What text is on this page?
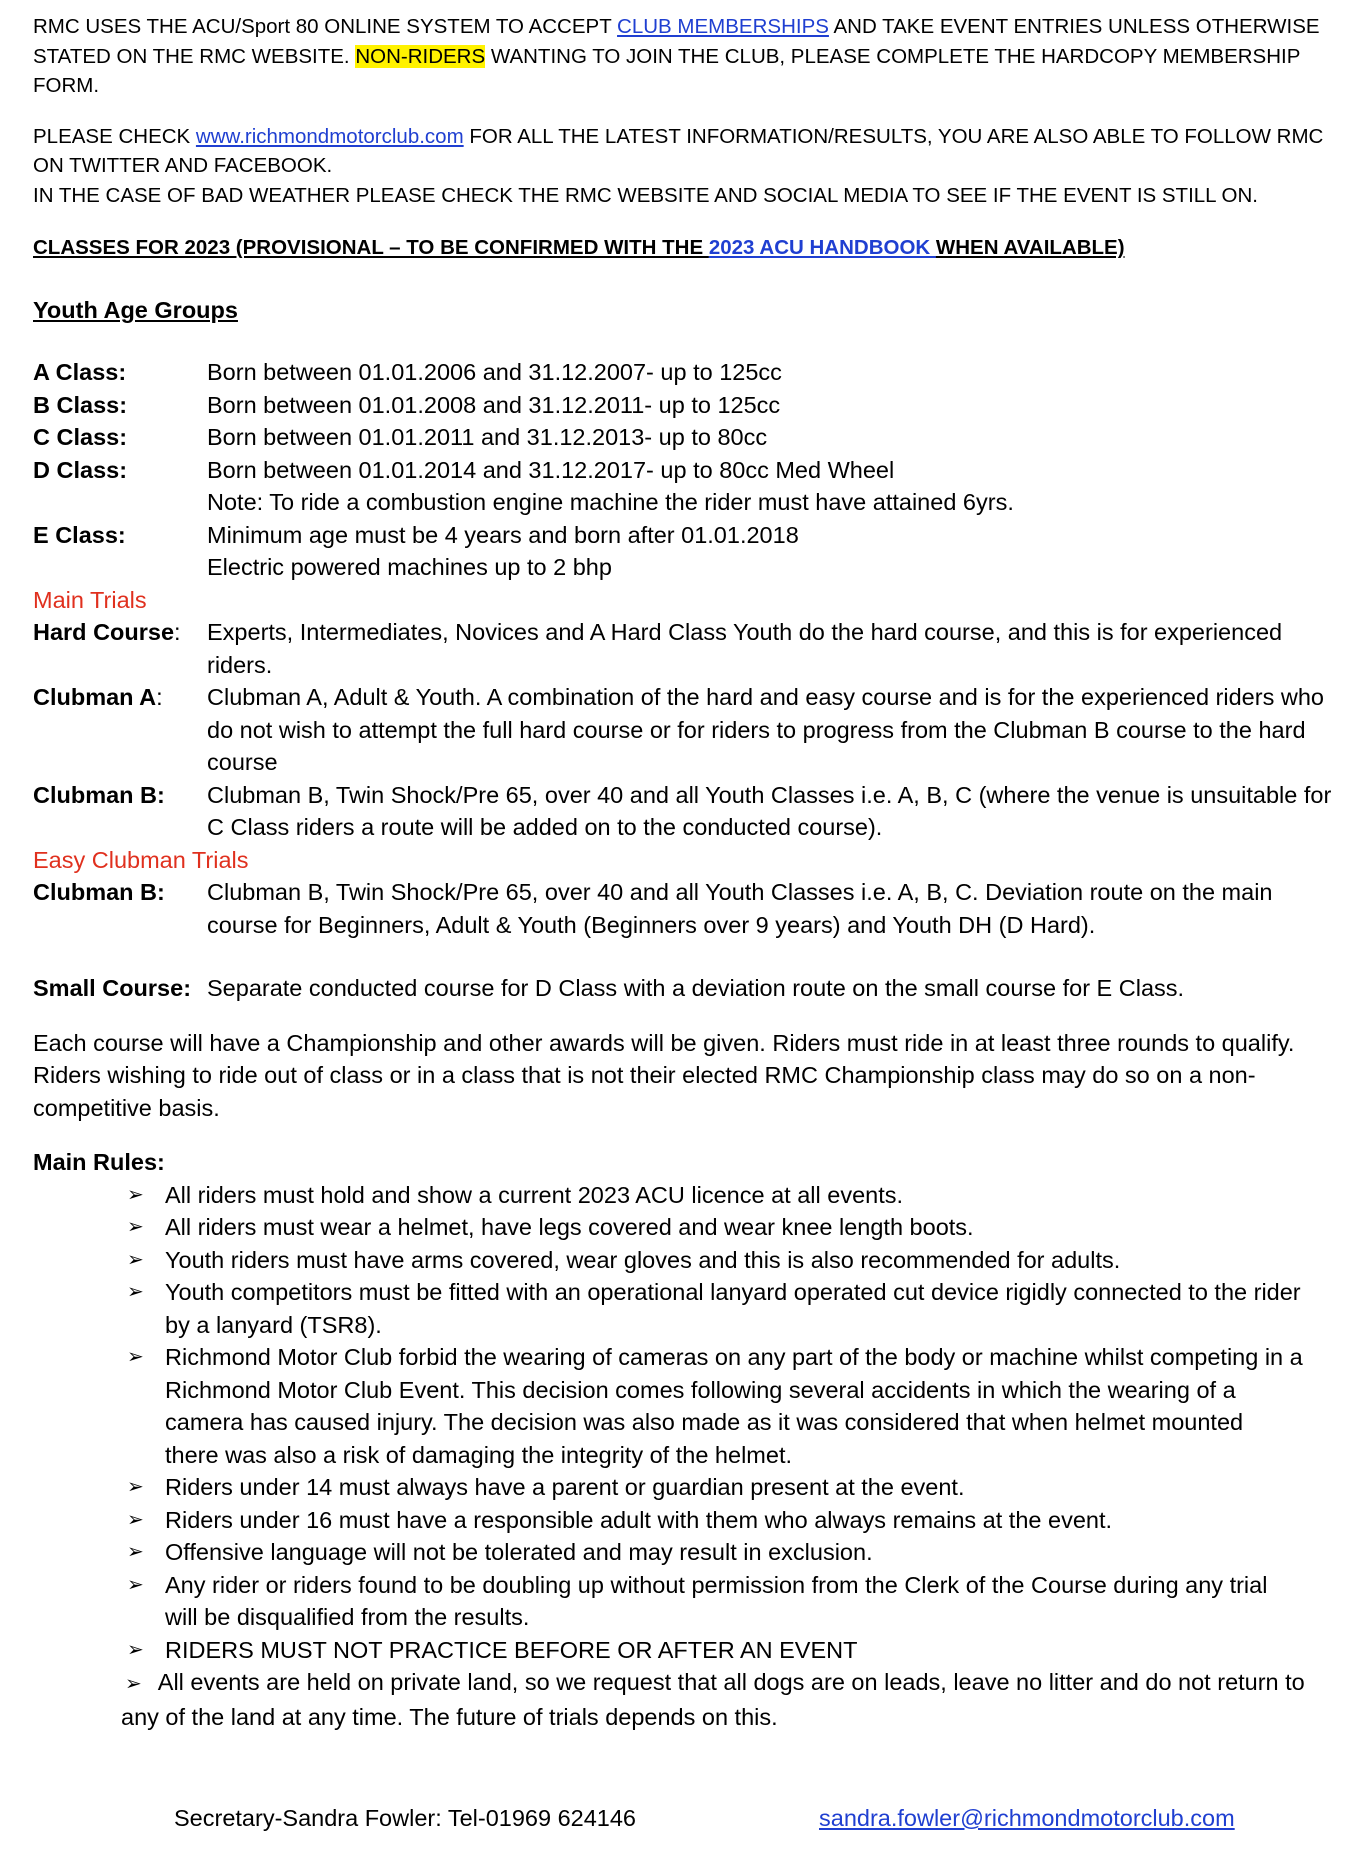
RMC USES THE ACU/Sport 80 ONLINE SYSTEM TO ACCEPT CLUB MEMBERSHIPS AND TAKE EVENT ENTRIES UNLESS OTHERWISE
STATED ON THE RMC WEBSITE. NON-RIDERS WANTING TO JOIN THE CLUB, PLEASE COMPLETE THE HARDCOPY MEMBERSHIP FORM.
PLEASE CHECK www.richmondmotorclub.com FOR ALL THE LATEST INFORMATION/RESULTS, YOU ARE ALSO ABLE TO FOLLOW RMC
ON TWITTER AND FACEBOOK.
IN THE CASE OF BAD WEATHER PLEASE CHECK THE RMC WEBSITE AND SOCIAL MEDIA TO SEE IF THE EVENT IS STILL ON.
CLASSES FOR 2023 (PROVISIONAL – TO BE CONFIRMED WITH THE 2023 ACU HANDBOOK WHEN AVAILABLE)
Youth Age Groups
A Class:	Born between 01.01.2006 and 31.12.2007- up to 125cc
B Class:	Born between 01.01.2008 and 31.12.2011- up to 125cc
C Class:	Born between 01.01.2011 and 31.12.2013- up to 80cc
D Class:	Born between 01.01.2014 and 31.12.2017- up to 80cc Med Wheel
Note: To ride a combustion engine machine the rider must have attained 6yrs.
E Class:	Minimum age must be 4 years and born after 01.01.2018
Electric powered machines up to 2 bhp
Main Trials
Hard Course:	Experts, Intermediates, Novices and A Hard Class Youth do the hard course, and this is for experienced riders.
Clubman A:	Clubman A, Adult & Youth. A combination of the hard and easy course and is for the experienced riders who do not wish to attempt the full hard course or for riders to progress from the Clubman B course to the hard course
Clubman B:	Clubman B, Twin Shock/Pre 65, over 40 and all Youth Classes i.e. A, B, C (where the venue is unsuitable for C Class riders a route will be added on to the conducted course).
Easy Clubman Trials
Clubman B:	Clubman B, Twin Shock/Pre 65, over 40 and all Youth Classes i.e. A, B, C. Deviation route on the main course for Beginners, Adult & Youth (Beginners over 9 years) and Youth DH (D Hard).
Small Course: Separate conducted course for D Class with a deviation route on the small course for E Class.
Each course will have a Championship and other awards will be given. Riders must ride in at least three rounds to qualify. Riders wishing to ride out of class or in a class that is not their elected RMC Championship class may do so on a non-competitive basis.
Main Rules:
➢ All riders must hold and show a current 2023 ACU licence at all events.
➢ All riders must wear a helmet, have legs covered and wear knee length boots.
➢ Youth riders must have arms covered, wear gloves and this is also recommended for adults.
➢ Youth competitors must be fitted with an operational lanyard operated cut device rigidly connected to the rider by a lanyard (TSR8).
➢ Richmond Motor Club forbid the wearing of cameras on any part of the body or machine whilst competing in a Richmond Motor Club Event. This decision comes following several accidents in which the wearing of a camera has caused injury. The decision was also made as it was considered that when helmet mounted there was also a risk of damaging the integrity of the helmet.
➢ Riders under 14 must always have a parent or guardian present at the event.
➢ Riders under 16 must have a responsible adult with them who always remains at the event.
➢ Offensive language will not be tolerated and may result in exclusion.
➢ Any rider or riders found to be doubling up without permission from the Clerk of the Course during any trial will be disqualified from the results.
➢ RIDERS MUST NOT PRACTICE BEFORE OR AFTER AN EVENT
➢ All events are held on private land, so we request that all dogs are on leads, leave no litter and do not return to any of the land at any time. The future of trials depends on this.
Secretary-Sandra Fowler: Tel-01969 624146	sandra.fowler@richmondmotorclub.com
